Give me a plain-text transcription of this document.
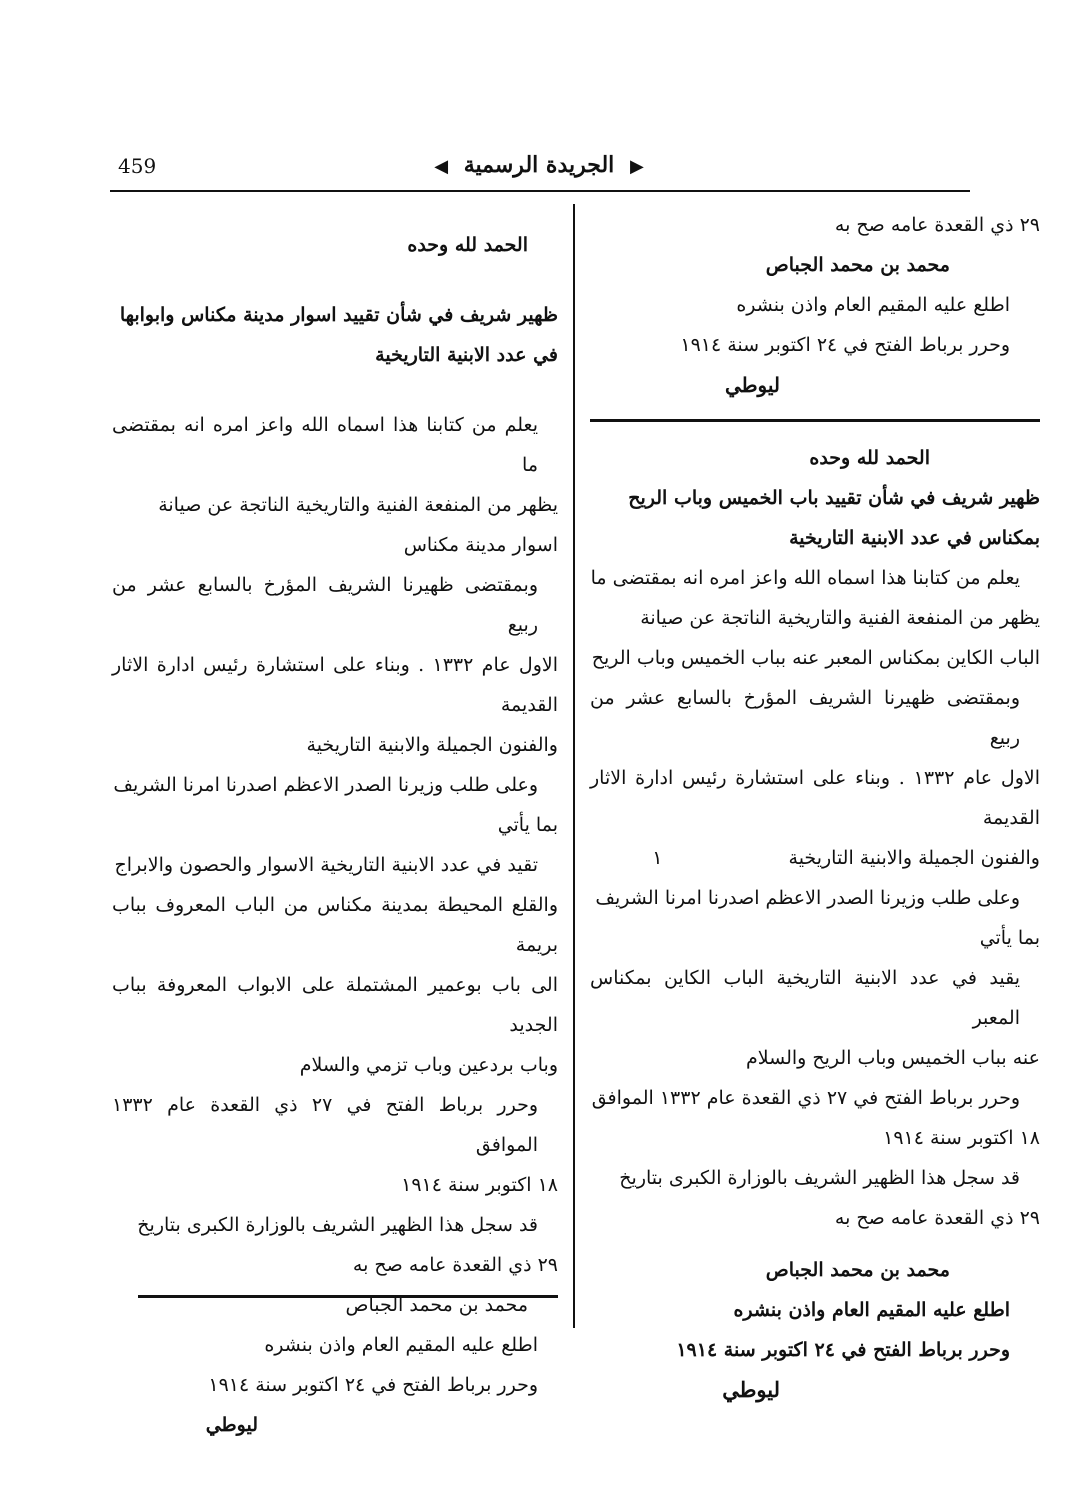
459	▶ الجريدة الرسمية ◀

٢٩ ذي القعدة عامه صح به

محمد بن محمد الجباص

اطلع عليه المقيم العام واذن بنشره

وحرر برباط الفتح في ٢٤ اكتوبر سنة ١٩١٤

ليوطي

الحمد لله وحده

ظهير شريف في شأن تقييد باب الخميس وباب الريح

بمكناس في عدد الابنية التاريخية

يعلم من كتابنا هذا اسماه الله واعز امره انه بمقتضى ما

يظهر من المنفعة الفنية والتاريخية الناتجة عن صيانة

الباب الكاين بمكناس المعبر عنه بباب الخميس وباب الريح

وبمقتضى ظهيرنا الشريف المؤرخ بالسابع عشر من ربيع

الاول عام ١٣٣٢ . وبناء على استشارة رئيس ادارة الاثار القديمة

والفنون الجميلة والابنية التاريخية ١

وعلى طلب وزيرنا الصدر الاعظم اصدرنا امرنا الشريف

بما يأتي

يقيد في عدد الابنية التاريخية الباب الكاين بمكناس المعبر

عنه بباب الخميس وباب الريح والسلام

وحرر برباط الفتح في ٢٧ ذي القعدة عام ١٣٣٢ الموافق

١٨ اكتوبر سنة ١٩١٤

قد سجل هذا الظهير الشريف بالوزارة الكبرى بتاريخ

٢٩ ذي القعدة عامه صح به

محمد بن محمد الجباص

اطلع عليه المقيم العام واذن بنشره

وحرر برباط الفتح في ٢٤ اكتوبر سنة ١٩١٤

ليوطي

الحمد لله وحده

ظهير شريف في شأن تقييد اسوار مدينة مكناس وابوابها

في عدد الابنية التاريخية

يعلم من كتابنا هذا اسماه الله واعز امره انه بمقتضى ما

يظهر من المنفعة الفنية والتاريخية الناتجة عن صيانة

اسوار مدينة مكناس

وبمقتضى ظهيرنا الشريف المؤرخ بالسابع عشر من ربيع

الاول عام ١٣٣٢ . وبناء على استشارة رئيس ادارة الاثار القديمة

والفنون الجميلة والابنية التاريخية

وعلى طلب وزيرنا الصدر الاعظم اصدرنا امرنا الشريف

بما يأتي

تقيد في عدد الابنية التاريخية الاسوار والحصون والابراج

والقلع المحيطة بمدينة مكناس من الباب المعروف بباب بريمة

الى باب بوعمير المشتملة على الابواب المعروفة بباب الجديد

وباب بردعين وباب تزمي والسلام

وحرر برباط الفتح في ٢٧ ذي القعدة عام ١٣٣٢ الموافق

١٨ اكتوبر سنة ١٩١٤

قد سجل هذا الظهير الشريف بالوزارة الكبرى بتاريخ

٢٩ ذي القعدة عامه صح به

محمد بن محمد الجباص

اطلع عليه المقيم العام واذن بنشره

وحرر برباط الفتح في ٢٤ اكتوبر سنة ١٩١٤

ليوطي
